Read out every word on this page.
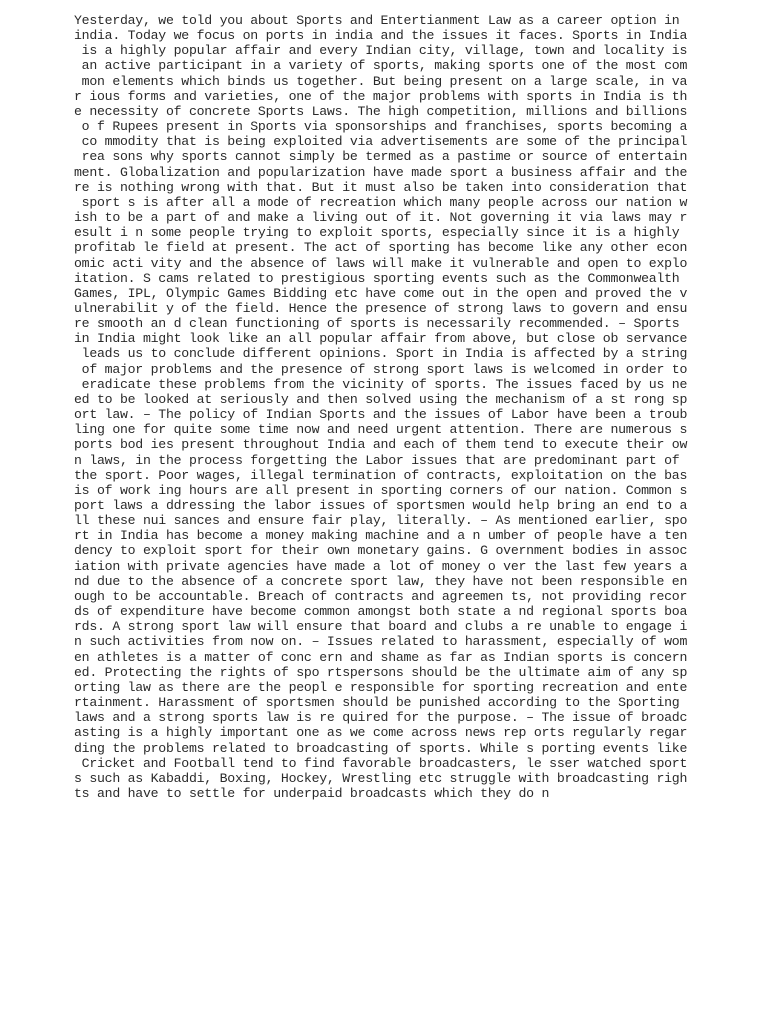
Yesterday, we told you about Sports and Entertianment Law as a career option in
india. Today we focus on ports in india and the issues it faces. Sports in India
is a highly popular affair and every Indian city, village, town and locality is
an active participant in a variety of sports, making sports one of the most com
mon elements which binds us together. But being present on a large scale, in va
r ious forms and varieties, one of the major problems with sports in India is th
e necessity of concrete Sports Laws. The high competition, millions and billions
o f Rupees present in Sports via sponsorships and franchises, sports becoming a
co mmodity that is being exploited via advertisements are some of the principal
rea sons why sports cannot simply be termed as a pastime or source of entertain
ment. Globalization and popularization have made sport a business affair and the
re is nothing wrong with that. But it must also be taken into consideration that
sport s is after all a mode of recreation which many people across our nation w
ish to be a part of and make a living out of it. Not governing it via laws may r
esult i n some people trying to exploit sports, especially since it is a highly
profitab le field at present. The act of sporting has become like any other econ
omic acti vity and the absence of laws will make it vulnerable and open to explo
itation. S cams related to prestigious sporting events such as the Commonwealth
Games, IPL, Olympic Games Bidding etc have come out in the open and proved the v
ulnerabilit y of the field. Hence the presence of strong laws to govern and ensu
re smooth an d clean functioning of sports is necessarily recommended. – Sports
in India might look like an all popular affair from above, but close ob servance
leads us to conclude different opinions. Sport in India is affected by a string
of major problems and the presence of strong sport laws is welcomed in order to
eradicate these problems from the vicinity of sports. The issues faced by us ne
ed to be looked at seriously and then solved using the mechanism of a st rong sp
ort law. – The policy of Indian Sports and the issues of Labor have been a troub
ling one for quite some time now and need urgent attention. There are numerous s
ports bod ies present throughout India and each of them tend to execute their ow
n laws, in the process forgetting the Labor issues that are predominant part of
the sport. Poor wages, illegal termination of contracts, exploitation on the bas
is of work ing hours are all present in sporting corners of our nation. Common s
port laws a ddressing the labor issues of sportsmen would help bring an end to a
ll these nui sances and ensure fair play, literally. – As mentioned earlier, spo
rt in India has become a money making machine and a n umber of people have a ten
dency to exploit sport for their own monetary gains. G overnment bodies in assoc
iation with private agencies have made a lot of money o ver the last few years a
nd due to the absence of a concrete sport law, they have not been responsible en
ough to be accountable. Breach of contracts and agreemen ts, not providing recor
ds of expenditure have become common amongst both state a nd regional sports boa
rds. A strong sport law will ensure that board and clubs a re unable to engage i
n such activities from now on. – Issues related to harassment, especially of wom
en athletes is a matter of conc ern and shame as far as Indian sports is concern
ed. Protecting the rights of spo rtspersons should be the ultimate aim of any sp
orting law as there are the peopl e responsible for sporting recreation and ente
rtainment. Harassment of sportsmen should be punished according to the Sporting
laws and a strong sports law is re quired for the purpose. – The issue of broadc
asting is a highly important one as we come across news rep orts regularly regar
ding the problems related to broadcasting of sports. While s porting events like
Cricket and Football tend to find favorable broadcasters, le sser watched sport
s such as Kabaddi, Boxing, Hockey, Wrestling etc struggle with broadcasting righ
ts and have to settle for underpaid broadcasts which they do n
